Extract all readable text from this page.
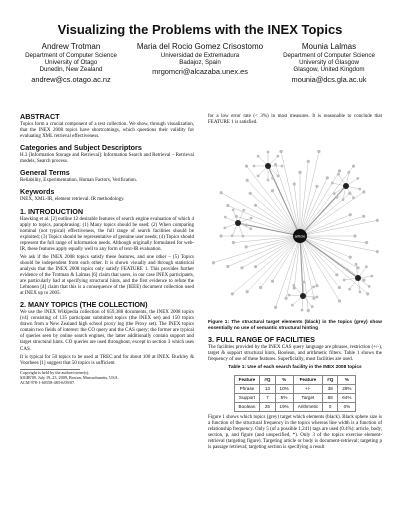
Visualizing the Problems with the INEX Topics
Andrew Trotman
Department of Computer Science
University of Otago
Dunedin, New Zealand
andrew@cs.otago.ac.nz
Maria del Rocio Gomez Crisostomo
Universidad de Extremadura
Badajoz, Spain
mrgomcri@alcazaba.unex.es
Mounia Lalmas
Department of Computer Science
University of Glasgow
Glasgow, United Kingdom
mounia@dcs.gla.ac.uk
ABSTRACT

Topics form a crucial component of a test collection. We show, through visualization, that the INEX 2008 topics have shortcomings, which questions their validity for evaluating XML retrieval effectiveness.

Categories and Subject Descriptors

H.3 [Information Storage and Retrieval]: Information Search and Retrieval – Retrieval models, Search process.

General Terms

Reliability, Experimentation, Human Factors, Verification.

Keywords

INEX, XML-IR, element retrieval. IR methodology.

1. INTRODUCTION

Hawking et al. [2] outline 12 desirable features of search engine evaluation of which 4 apply to topics, paraphrasing: (1) Many topics should be used; (2) When comparing nominal (not typical) effectiveness, the full range of search facilities should be exploited; (3) Topics should be representative of genuine user needs; (4) Topics should represent the full range of information needs. Although originally formulated for web-IR, these features apply equally well to any form of text-IR evaluation.

We ask if the INEX 2008 topics satisfy these features, and one other – (5) Topics should be independent from each other. It is shown visually and through statistical analysis that the INEX 2008 topics only satisfy FEATURE 1. This provides further evidence of the Trotman & Lalmas [6] claim that users, in our case INEX participants, are particularly bad at specifying structural hints, and the first evidence to refute the Lehtonen [4] claim that this is a consequence of the (IEEE) document collection used at INEX up to 2005.

2. MANY TOPICS (THE COLLECTION)

We use the INEX Wikipedia collection of 659,388 documents, the INEX 2008 topics (v4) consisting of 135 participant submitted topics (the INEX set) and 150 topics drawn from a New Zealand high school proxy log (the Proxy set). The INEX topics contain two fields of interest: the CO query and the CAS query; the former are typical of queries seen by online search engines, the latter additionally contain support and target structural hints. CO queries are used throughout, except in section 3 which uses CAS.

It is typical for 50 topics to be used at TREC and for about 100 at INEX. Buckley & Voorhees [1] suggest that 50 topics is sufficient

Copyright is held by the author/owner(s).
SIGIR'09, July 19–23, 2009, Boston, Massachusetts, USA.
ACM 978-1-60558-483-6/09/07.

for a low error rate (< 3%) in most measures. It is reasonable to conclude that FEATURE 1 is satisfied.

article
Figure 1: The structural target elements (black) in the topics (grey) show essentially no use of semantic structural hinting
3. FULL RANGE OF FACILITIES

The facilities provided by the INEX CAS query language are phrases, restriction (+/-), target & support structural hints, Boolean, and arithmetic filters. Table 1 shows the frequency of use of these features. Superficially, most facilities are used.

Table 1: Use of each search facility in the INEX 2008 topics
Feature	#Q	%	Feature	#Q	%
Phrase	13	10%	+/-	38	28%
Support	7	5%	Target	86	64%
Boolean	25	19%	Arithmetic	0	0%

Figure 1 shows which topics (grey) target which elements (black). Black sphere size is a function of the structural frequency in the topics whereas line width is a function of relationship frequency. Only 5 (of a possible 1,241) tags are used (0.4%): article, body, section, p, and figure (and unspecified, *). Only 3 of the topics exercise element-retrieval (targeting figure). Targeting article or body is document-retrieval; targeting p is passage retrieval; targeting section is specifying a result
